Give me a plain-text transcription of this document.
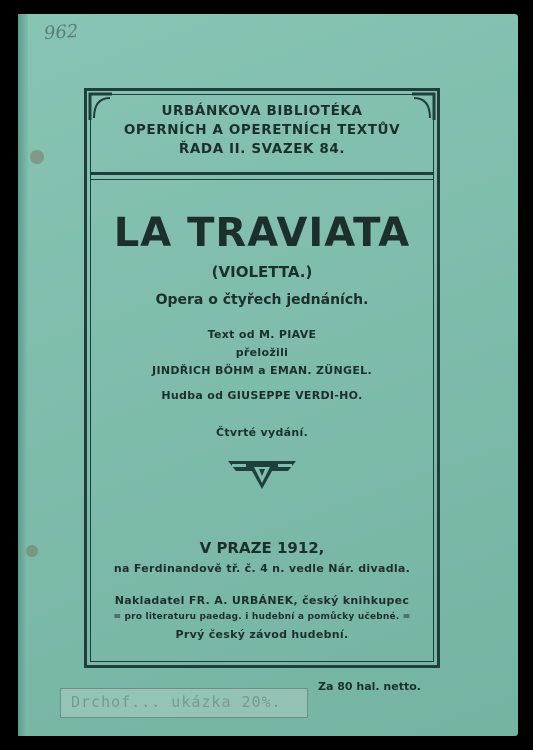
962
URBÁNKOVA BIBLIOTÉKA
OPERNÍCH A OPERETNÍCH TEXTŮV
ŘADA II. SVAZEK 84.
LA TRAVIATA
(VIOLETTA.)
Opera o čtyřech jednáních.
Text od M. PIAVE
přeložili
JINDŘICH BÖHM a EMAN. ZÜNGEL.
Hudba od GIUSEPPE VERDI-HO.
Čtvrté vydání.
V PRAZE 1912,
na Ferdinandově tř. č. 4 n. vedle Nár. divadla.
Nakladatel FR. A. URBÁNEK, český knihkupec
= pro literaturu paedag. i hudební a pomůcky učebné. =
Prvý český závod hudební.
Za 80 hal. netto.
Drchof... ukázka 20%.
